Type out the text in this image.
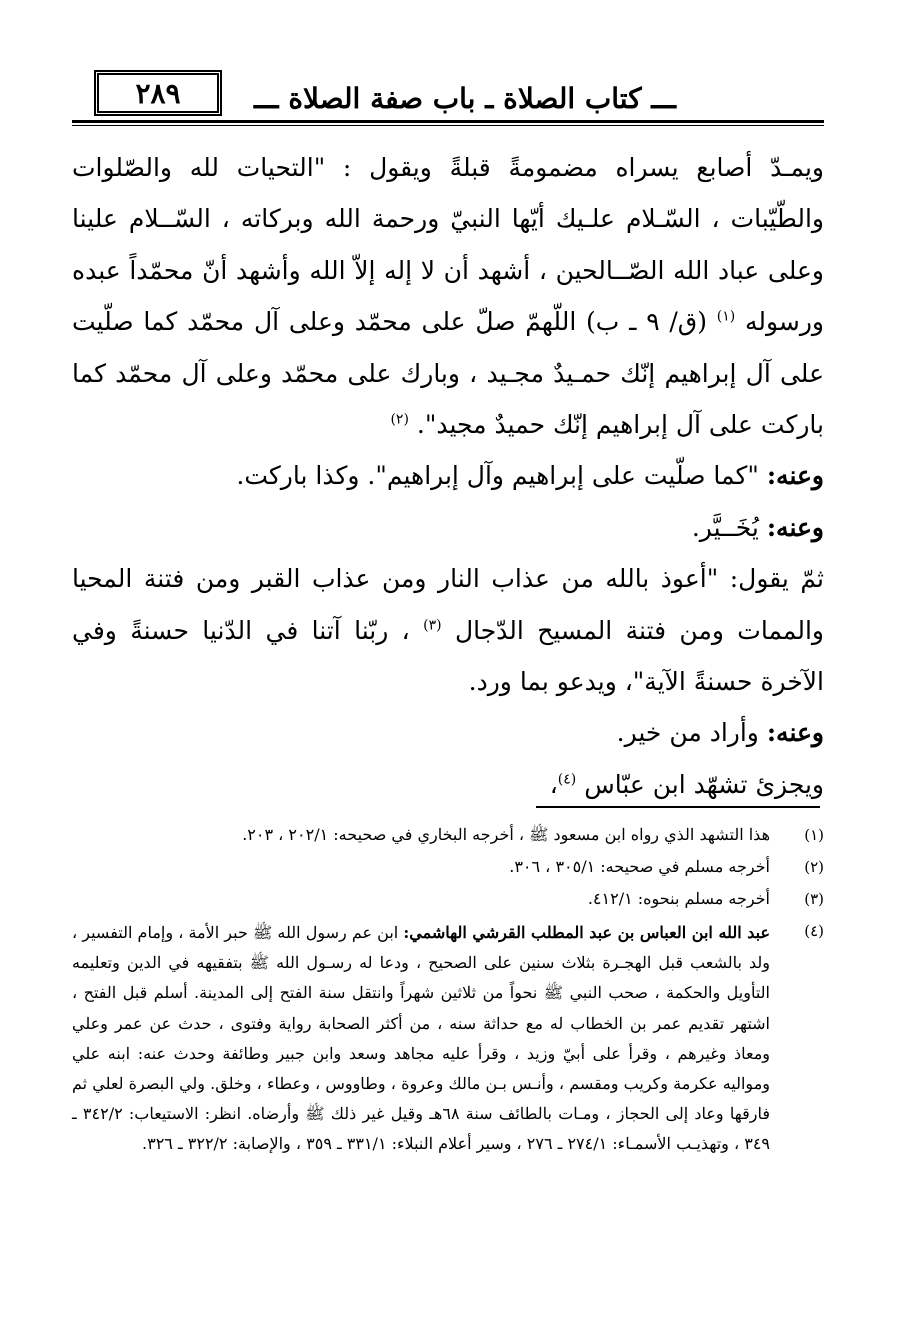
٢٨٩	ـــ كتاب الصلاة ـ باب صفة الصلاة ـــ

ويمـدّ أصابع يسراه مضمومةً قبلةً ويقول : "التحيات لله والصّلوات والطّيّبات ، السّـلام علـيك أيّها النبيّ ورحمة الله وبركاته ، السّــلام علينا وعلى عباد الله الصّــالحين ، أشهد أن لا إله إلاّ الله وأشهد أنّ محمّداً عبده ورسوله $^{(١)}$ (ق/ ٩ ـ ب) اللّهمّ صلّ على محمّد وعلى آل محمّد كما صلّيت على آل إبراهيم إنّك حمـيدٌ مجـيد ، وبارك على محمّد وعلى آل محمّد كما باركت على آل إبراهيم إنّك حميدٌ مجيد". $^{(٢)}$

وعنه: "كما صلّيت على إبراهيم وآل إبراهيم". وكذا باركت.

وعنه: يُخَــيَّر.

ثمّ يقول: "أعوذ بالله من عذاب النار ومن عذاب القبر ومن فتنة المحيا والممات ومن فتنة المسيح الدّجال $^{(٣)}$ ، ربّنا آتنا في الدّنيا حسنةً وفي الآخرة حسنةً الآية"، ويدعو بما ورد.

وعنه: وأراد من خير.

ويجزئ تشهّد ابن عبّاس $^{(٤)}$،

(١)
هذا التشهد الذي رواه ابن مسعود ﷺ ، أخرجه البخاري في صحيحه: ٢٠٢/١ ، ٢٠٣.
(٢)
أخرجه مسلم في صحيحه: ٣٠٥/١ ، ٣٠٦.
(٣)
أخرجه مسلم بنحوه: ٤١٢/١.
(٤)
عبد الله ابن العباس بن عبد المطلب القرشي الهاشمي: ابن عم رسول الله ﷺ حبر الأمة ، وإمام التفسير ، ولد بالشعب قبل الهجـرة بثلاث سنين على الصحيح ، ودعا له رسـول الله ﷺ بتفقيهه في الدين وتعليمه التأويل والحكمة ، صحب النبي ﷺ نحواً من ثلاثين شهراً وانتقل سنة الفتح إلى المدينة. أسلم قبل الفتح ، اشتهر تقديم عمر بن الخطاب له مع حداثة سنه ، من أكثر الصحابة رواية وفتوى ، حدث عن عمر وعلي ومعاذ وغيرهم ، وقرأ على أبيّ وزيد ، وقرأ عليه مجاهد وسعد وابن جبير وطائفة وحدث عنه: ابنه علي ومواليه عكرمة وكريب ومقسم ، وأنـس بـن مالك وعروة ، وطاووس ، وعطاء ، وخلق. ولي البصرة لعلي ثم فارقها وعاد إلى الحجاز ، ومـات بالطائف سنة ٦٨هـ وقيل غير ذلك ﷺ وأرضاه. انظر: الاستيعاب: ٣٤٢/٢ ـ ٣٤٩ ، وتهذيـب الأسمـاء: ٢٧٤/١ ـ ٢٧٦ ، وسير أعلام النبلاء: ٣٣١/١ ـ ٣٥٩ ، والإصابة: ٣٢٢/٢ ـ ٣٢٦.
